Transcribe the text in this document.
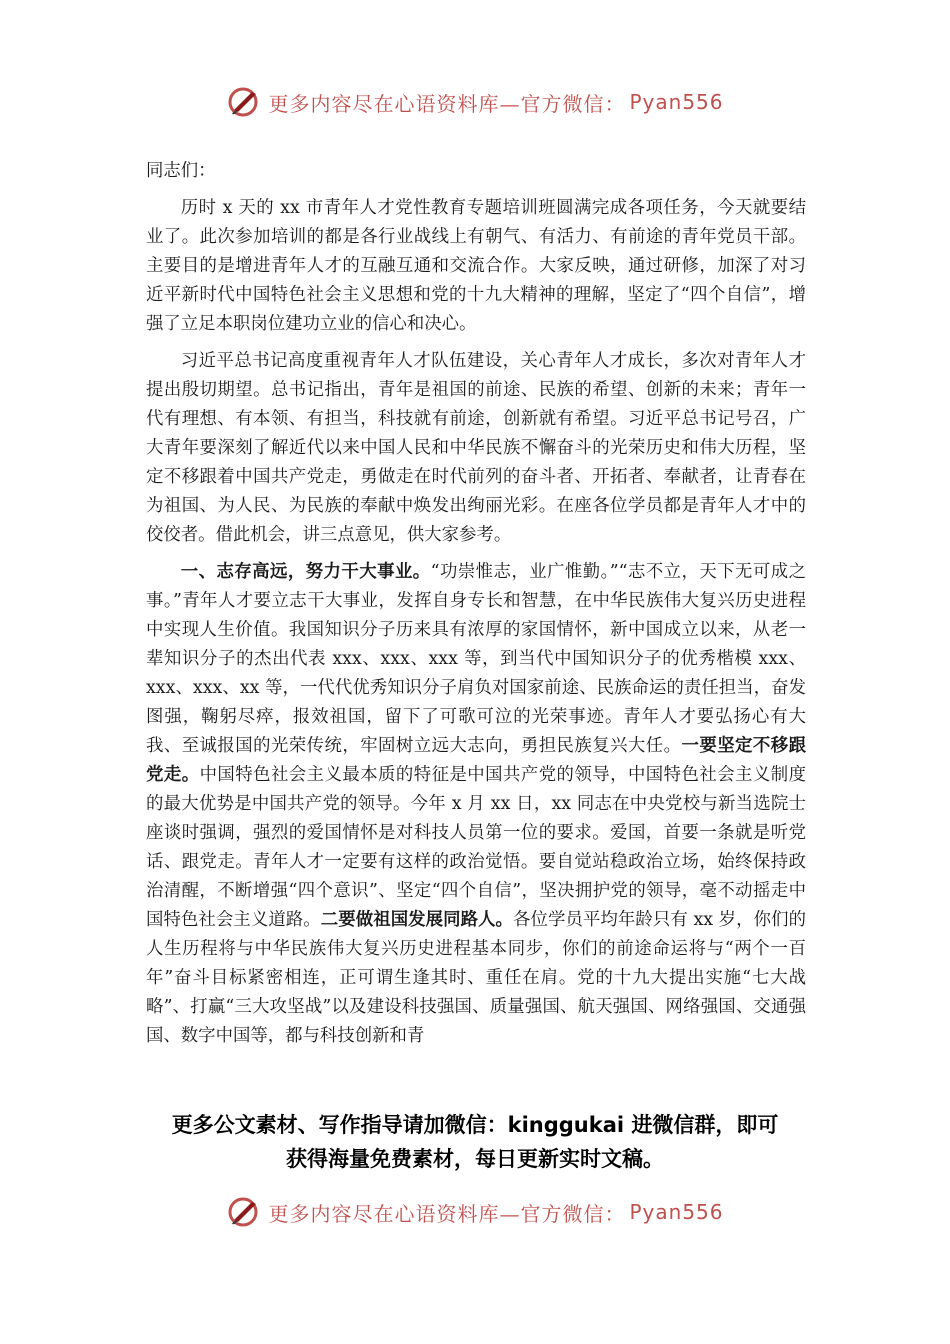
更多内容尽在心语资料库—官方微信： Pyan556

同志们：

历时 x 天的 xx 市青年人才党性教育专题培训班圆满完成各项任务，今天就要结业了。此次参加培训的都是各行业战线上有朝气、有活力、有前途的青年党员干部。主要目的是增进青年人才的互融互通和交流合作。大家反映，通过研修，加深了对习近平新时代中国特色社会主义思想和党的十九大精神的理解，坚定了“四个自信”，增强了立足本职岗位建功立业的信心和决心。

习近平总书记高度重视青年人才队伍建设，关心青年人才成长，多次对青年人才提出殷切期望。总书记指出，青年是祖国的前途、民族的希望、创新的未来；青年一代有理想、有本领、有担当，科技就有前途，创新就有希望。习近平总书记号召，广大青年要深刻了解近代以来中国人民和中华民族不懈奋斗的光荣历史和伟大历程，坚定不移跟着中国共产党走，勇做走在时代前列的奋斗者、开拓者、奉献者，让青春在为祖国、为人民、为民族的奉献中焕发出绚丽光彩。在座各位学员都是青年人才中的佼佼者。借此机会，讲三点意见，供大家参考。

一、志存高远，努力干大事业。“功崇惟志，业广惟勤。”“志不立，天下无可成之事。”青年人才要立志干大事业，发挥自身专长和智慧，在中华民族伟大复兴历史进程中实现人生价值。我国知识分子历来具有浓厚的家国情怀，新中国成立以来，从老一辈知识分子的杰出代表 xxx、xxx、xxx 等，到当代中国知识分子的优秀楷模 xxx、xxx、xxx、xx 等，一代代优秀知识分子肩负对国家前途、民族命运的责任担当，奋发图强，鞠躬尽瘁，报效祖国，留下了可歌可泣的光荣事迹。青年人才要弘扬心有大我、至诚报国的光荣传统，牢固树立远大志向，勇担民族复兴大任。一要坚定不移跟党走。中国特色社会主义最本质的特征是中国共产党的领导，中国特色社会主义制度的最大优势是中国共产党的领导。今年 x 月 xx 日，xx 同志在中央党校与新当选院士座谈时强调，强烈的爱国情怀是对科技人员第一位的要求。爱国，首要一条就是听党话、跟党走。青年人才一定要有这样的政治觉悟。要自觉站稳政治立场，始终保持政治清醒，不断增强“四个意识”、坚定“四个自信”，坚决拥护党的领导，毫不动摇走中国特色社会主义道路。二要做祖国发展同路人。各位学员平均年龄只有 xx 岁，你们的人生历程将与中华民族伟大复兴历史进程基本同步，你们的前途命运将与“两个一百年”奋斗目标紧密相连，正可谓生逢其时、重任在肩。党的十九大提出实施“七大战略”、打赢“三大攻坚战”以及建设科技强国、质量强国、航天强国、网络强国、交通强国、数字中国等，都与科技创新和青

更多公文素材、写作指导请加微信：kinggukai 进微信群，即可
获得海量免费素材，每日更新实时文稿。
更多内容尽在心语资料库—官方微信： Pyan556
